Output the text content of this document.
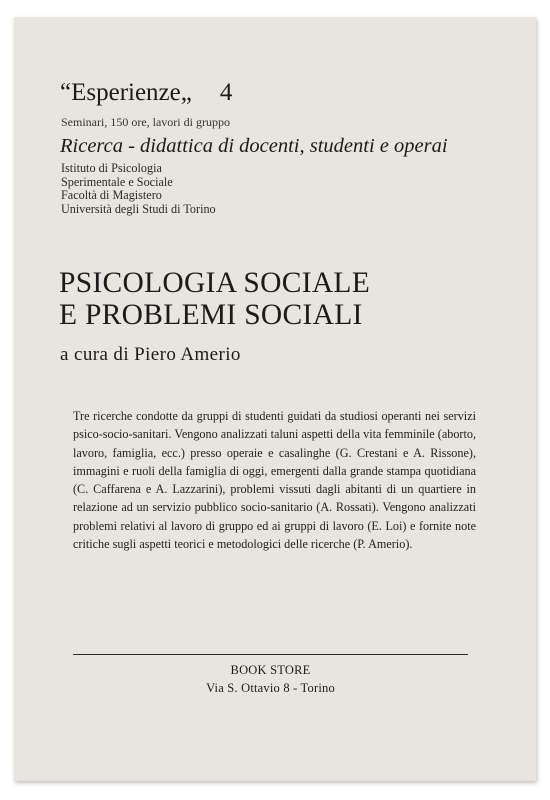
“Esperienze„ 4
Seminari, 150 ore, lavori di gruppo
Ricerca - didattica di docenti, studenti e operai
Istituto di Psicologia
Sperimentale e Sociale
Facoltà di Magistero
Università degli Studi di Torino
PSICOLOGIA SOCIALE
E PROBLEMI SOCIALI
a cura di Piero Amerio
Tre ricerche condotte da gruppi di studenti guidati da studiosi operanti nei servizi psico-socio-sanitari. Vengono analizzati taluni aspetti della vita femminile (aborto, lavoro, famiglia, ecc.) presso operaie e casalinghe (G. Crestani e A. Rissone), immagini e ruoli della famiglia di oggi, emergenti dalla grande stampa quotidiana (C. Caffarena e A. Lazzarini), problemi vissuti dagli abitanti di un quartiere in relazione ad un servizio pubblico socio-sanitario (A. Rossati). Vengono analizzati problemi relativi al lavoro di gruppo ed ai gruppi di lavoro (E. Loi) e fornite note critiche sugli aspetti teorici e metodologici delle ricerche (P. Amerio).
BOOK STORE
Via S. Ottavio 8 - Torino
